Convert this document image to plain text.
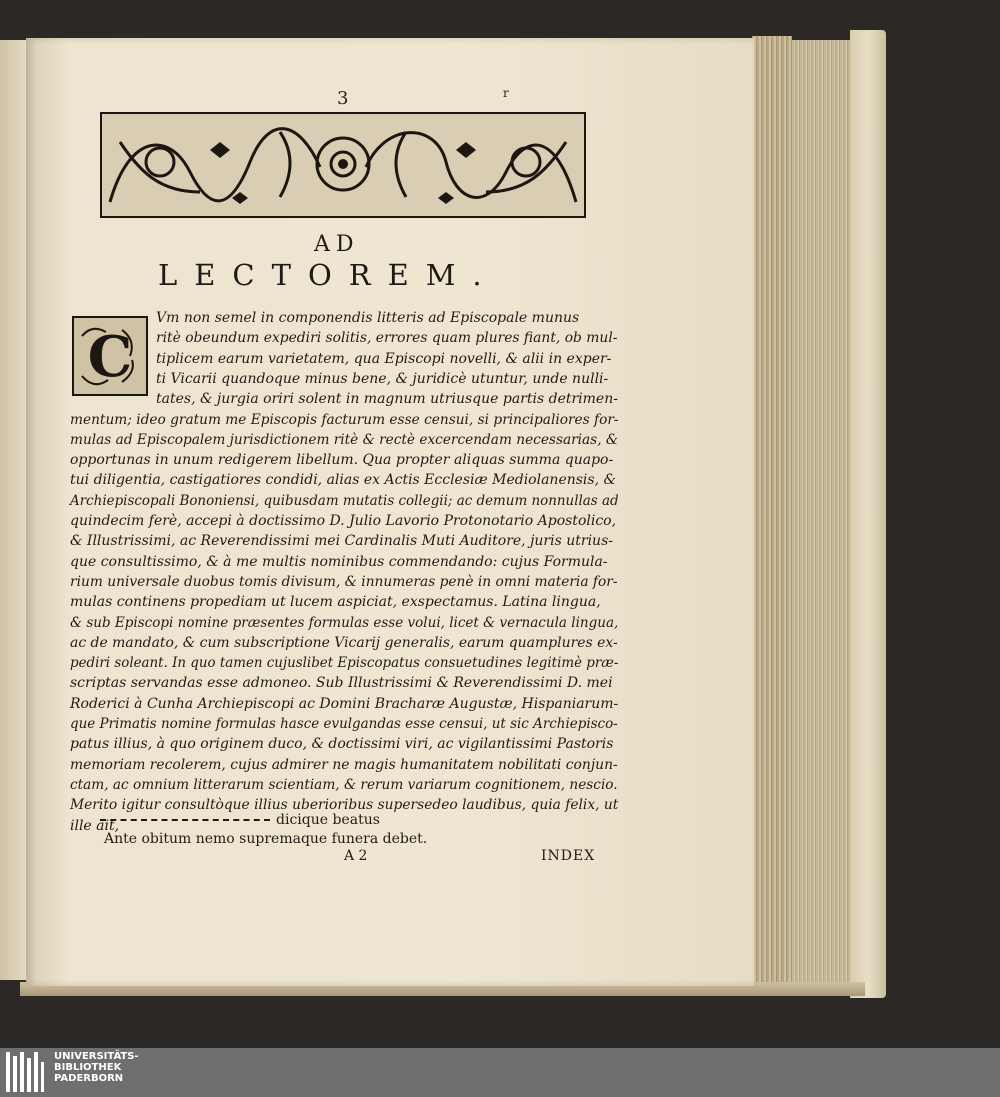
3	r
AD
LECTOREM.
C
Vm non semel in componendis litteris ad Episcopale munus
ritè obeundum expediri solitis, errores quam plures fiant, ob mul-
tiplicem earum varietatem, qua Episcopi novelli, & alii in exper-
ti Vicarii quandoque minus bene, & juridicè utuntur, unde nulli-
tates, & jurgia oriri solent in magnum utriusque partis detrimen-
mentum; ideo gratum me Episcopis facturum esse censui, si principaliores for-
mulas ad Episcopalem jurisdictionem ritè & rectè excercendam necessarias, &
opportunas in unum redigerem libellum. Qua propter aliquas summa quapo-
tui diligentia, castigatiores condidi, alias ex Actis Ecclesiæ Mediolanensis, &
Archiepiscopali Bononiensi, quibusdam mutatis collegii; ac demum nonnullas ad
quindecim ferè, accepi à doctissimo D. Julio Lavorio Protonotario Apostolico,
& Illustrissimi, ac Reverendissimi mei Cardinalis Muti Auditore, juris utrius-
que consultissimo, & à me multis nominibus commendando: cujus Formula-
rium universale duobus tomis divisum, & innumeras penè in omni materia for-
mulas continens propediam ut lucem aspiciat, exspectamus. Latina lingua,
& sub Episcopi nomine præsentes formulas esse volui, licet & vernacula lingua,
ac de mandato, & cum subscriptione Vicarij generalis, earum quamplures ex-
pediri soleant. In quo tamen cujuslibet Episcopatus consuetudines legitimè præ-
scriptas servandas esse admoneo. Sub Illustrissimi & Reverendissimi D. mei
Roderici à Cunha Archiepiscopi ac Domini Bracharæ Augustæ, Hispaniarum-
que Primatis nomine formulas hasce evulgandas esse censui, ut sic Archiepisco-
patus illius, à quo originem duco, & doctissimi viri, ac vigilantissimi Pastoris
memoriam recolerem, cujus admirer ne magis humanitatem nobilitati conjun-
ctam, ac omnium litterarum scientiam, & rerum variarum cognitionem, nescio.
Merito igitur consultòque illius uberioribus supersedeo laudibus, quia felix, ut
ille ait,	dicique beatus
Ante obitum nemo supremaque funera debet.
A 2	INDEX
UNIVERSITÄTS-
BIBLIOTHEK
PADERBORN
